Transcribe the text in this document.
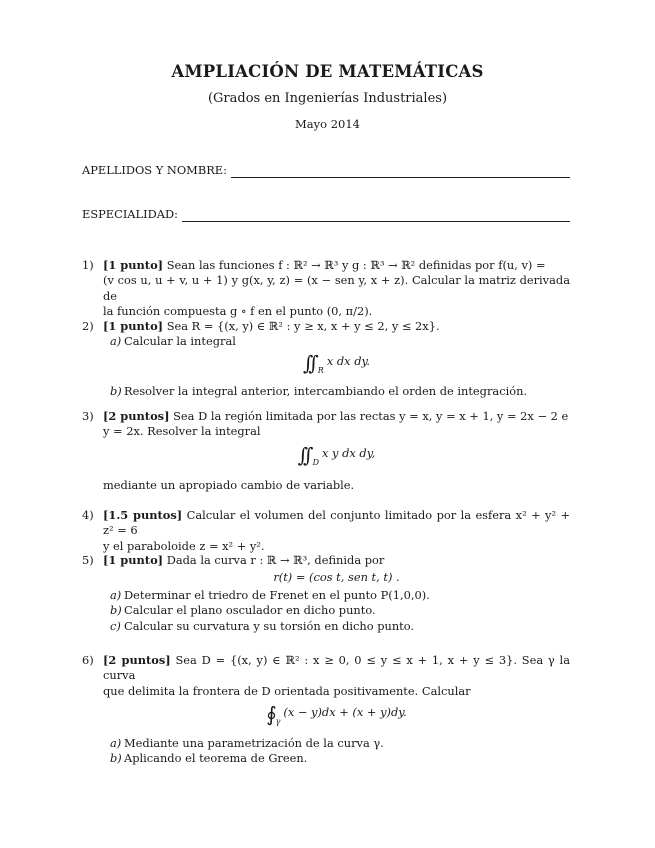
AMPLIACIÓN DE MATEMÁTICAS
(Grados en Ingenierías Industriales)
Mayo 2014
APELLIDOS Y NOMBRE:
ESPECIALIDAD:
1) [1 punto] Sean las funciones f : ℝ² → ℝ³ y g : ℝ³ → ℝ² definidas por f(u, v) =
(v cos u, u + v, u + 1) y g(x, y, z) = (x − sen y, x + z). Calcular la matriz derivada de
la función compuesta g ∘ f en el punto (0, π/2).
2) [1 punto] Sea R = {(x, y) ∈ ℝ² : y ≥ x, x + y ≤ 2, y ≤ 2x}.
a) Calcular la integral
∫∫ $_R$x dx dy.
b) Resolver la integral anterior, intercambiando el orden de integración.
3) [2 puntos] Sea D la región limitada por las rectas y = x, y = x + 1, y = 2x − 2 e
y = 2x. Resolver la integral
∫∫ $_D$x y dx dy,
mediante un apropiado cambio de variable.
4) [1.5 puntos] Calcular el volumen del conjunto limitado por la esfera x² + y² + z² = 6
y el paraboloide z = x² + y².
5) [1 punto] Dada la curva r : ℝ → ℝ³, definida por
r(t) = (cos t, sen t, t) .
a) Determinar el triedro de Frenet en el punto P(1,0,0).
b) Calcular el plano osculador en dicho punto.
c) Calcular su curvatura y su torsión en dicho punto.
6) [2 puntos] Sea D = {(x, y) ∈ ℝ² : x ≥ 0, 0 ≤ y ≤ x + 1, x + y ≤ 3}. Sea γ la curva
que delimita la frontera de D orientada positivamente. Calcular
∮ $_\gamma$(x − y)dx + (x + y)dy.
a) Mediante una parametrización de la curva γ.
b) Aplicando el teorema de Green.
